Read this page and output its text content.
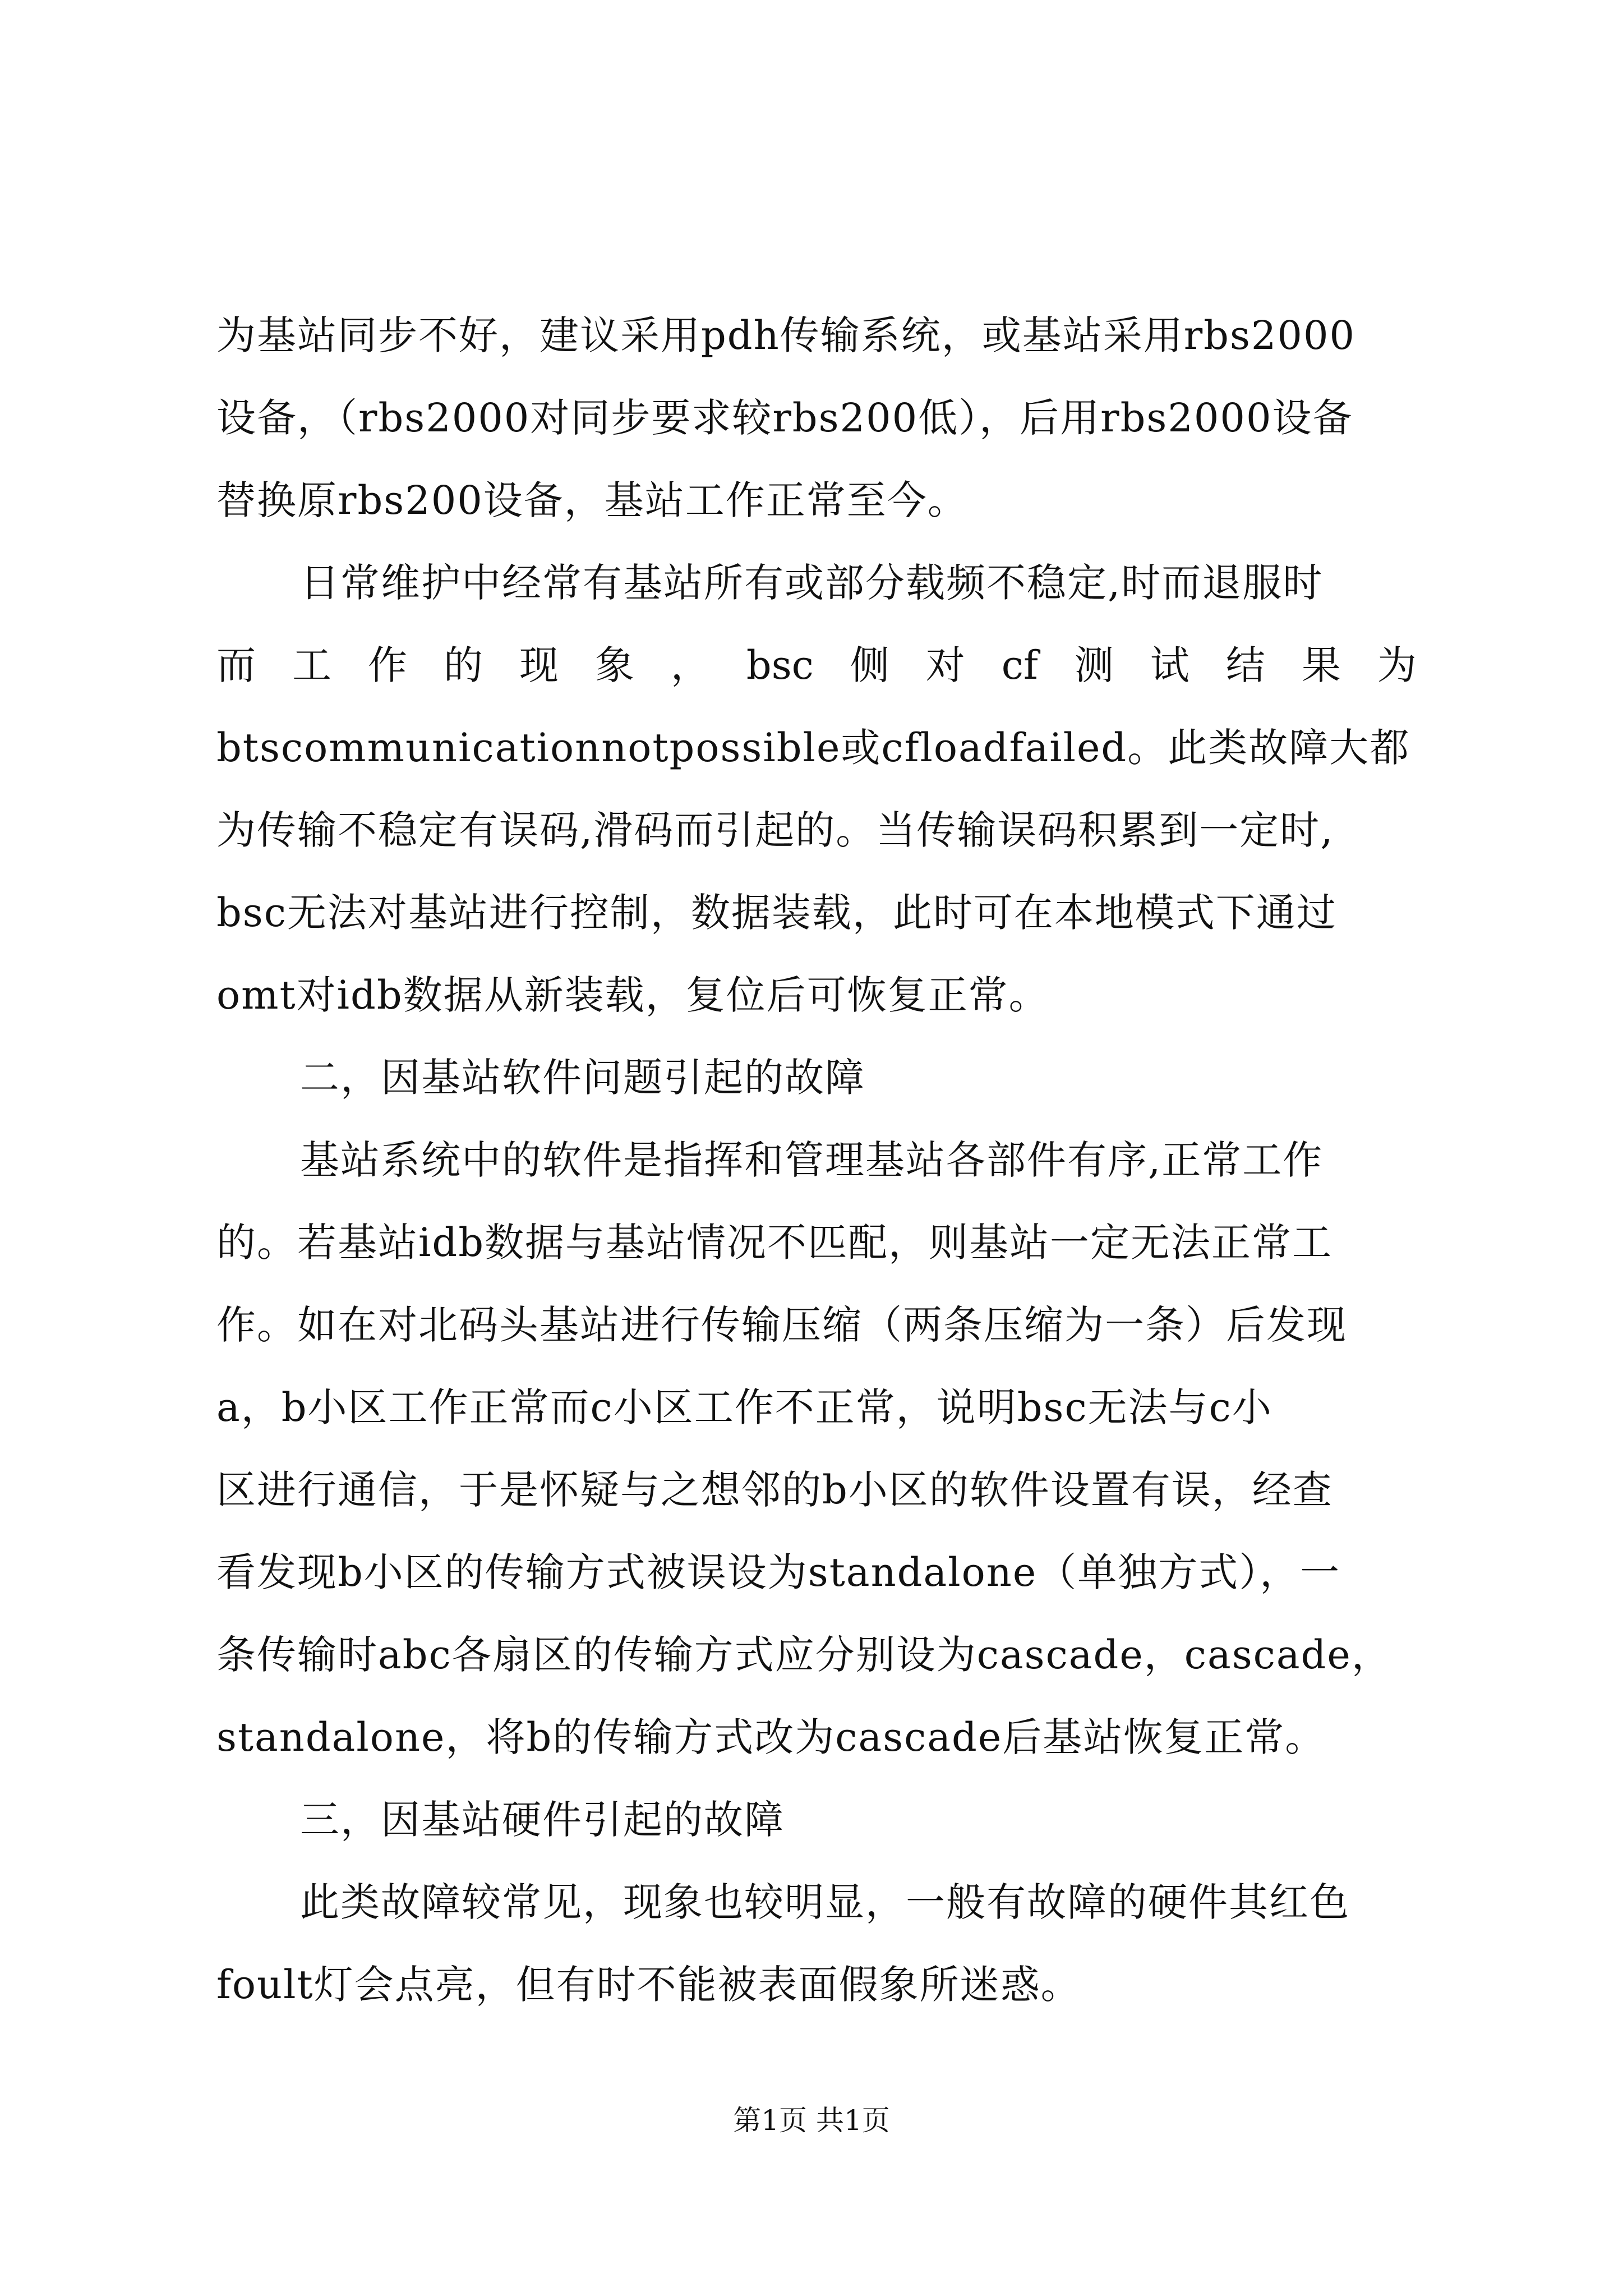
为基站同步不好，建议采用pdh传输系统，或基站采用rbs2000
设备，（rbs2000对同步要求较rbs200低），后用rbs2000设备
替换原rbs200设备，基站工作正常至今。
日常维护中经常有基站所有或部分载频不稳定,时而退服时
而 工 作 的 现 象 ， bsc 侧 对 cf 测 试 结 果 为
btscommunicationnotpossible或cfloadfailed。此类故障大都
为传输不稳定有误码,滑码而引起的。当传输误码积累到一定时,
bsc无法对基站进行控制，数据装载，此时可在本地模式下通过
omt对idb数据从新装载，复位后可恢复正常。
二，因基站软件问题引起的故障
基站系统中的软件是指挥和管理基站各部件有序,正常工作
的。若基站idb数据与基站情况不匹配，则基站一定无法正常工
作。如在对北码头基站进行传输压缩（两条压缩为一条）后发现
a，b小区工作正常而c小区工作不正常，说明bsc无法与c小
区进行通信，于是怀疑与之想邻的b小区的软件设置有误，经查
看发现b小区的传输方式被误设为standalone（单独方式），一
条传输时abc各扇区的传输方式应分别设为cascade，cascade，
standalone，将b的传输方式改为cascade后基站恢复正常。
三，因基站硬件引起的故障
此类故障较常见，现象也较明显，一般有故障的硬件其红色
foult灯会点亮，但有时不能被表面假象所迷惑。
第1页 共1页
